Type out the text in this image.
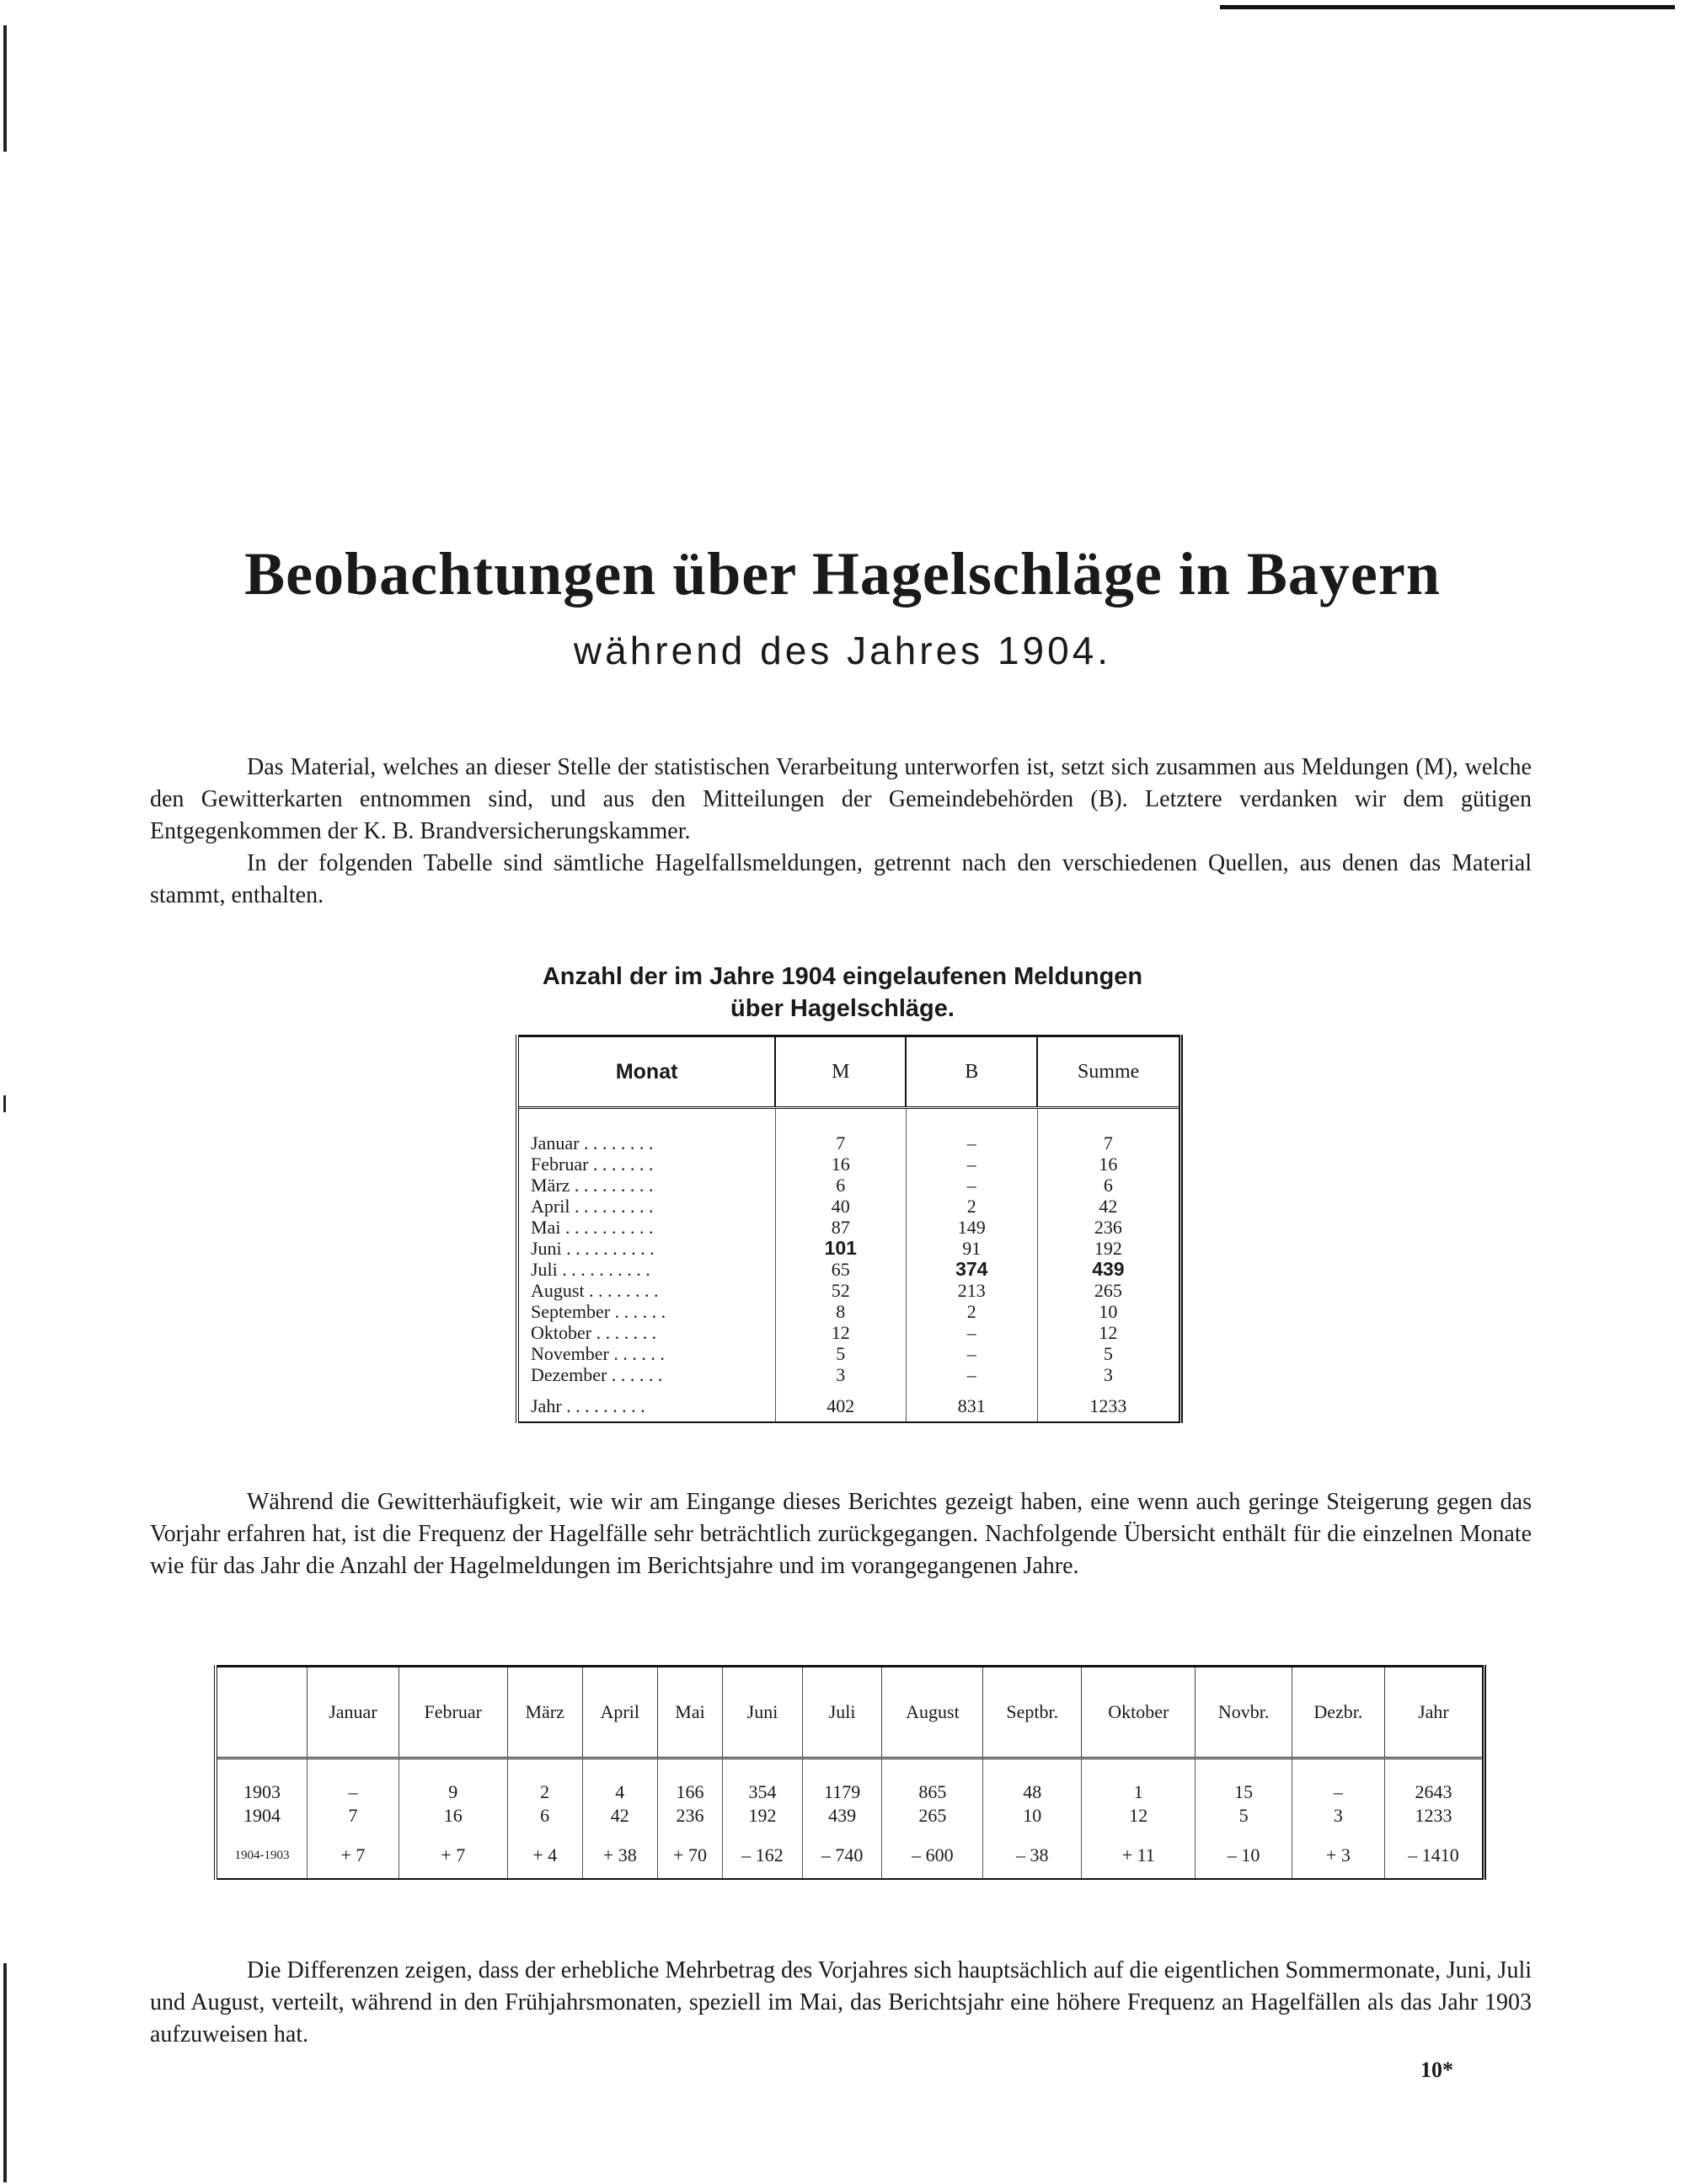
Beobachtungen über Hagelschläge in Bayern
während des Jahres 1904.

Das Material, welches an dieser Stelle der statistischen Verarbeitung unterworfen ist, setzt sich zusammen aus Meldungen (M), welche den Gewitterkarten entnommen sind, und aus den Mitteilungen der Gemeindebehörden (B). Letztere verdanken wir dem gütigen Entgegenkommen der K. B. Brandversicherungskammer.

In der folgenden Tabelle sind sämtliche Hagelfallsmeldungen, getrennt nach den verschiedenen Quellen, aus denen das Material stammt, enthalten.

Anzahl der im Jahre 1904 eingelaufenen Meldungen
über Hagelschläge.
Monat	M	B	Summe
Januar . . . . . . . .	7	–	7
Februar . . . . . . .	16	–	16
März . . . . . . . . .	6	–	6
April . . . . . . . . .	40	2	42
Mai . . . . . . . . . .	87	149	236
Juni . . . . . . . . . .	101	91	192
Juli . . . . . . . . . .	65	374	439
August . . . . . . . .	52	213	265
September . . . . . .	8	2	10
Oktober . . . . . . .	12	–	12
November . . . . . .	5	–	5
Dezember . . . . . .	3	–	3
Jahr . . . . . . . . .	402	831	1233

Während die Gewitterhäufigkeit, wie wir am Eingange dieses Berichtes gezeigt haben, eine wenn auch geringe Steigerung gegen das Vorjahr erfahren hat, ist die Frequenz der Hagelfälle sehr beträchtlich zurückgegangen. Nachfolgende Übersicht enthält für die einzelnen Monate wie für das Jahr die Anzahl der Hagelmeldungen im Berichtsjahre und im vorangegangenen Jahre.

	Januar	Februar	März	April	Mai	Juni	Juli	August	Septbr.	Oktober	Novbr.	Dezbr.	Jahr
1903	–	9	2	4	166	354	1179	865	48	1	15	–	2643
1904	7	16	6	42	236	192	439	265	10	12	5	3	1233
1904-1903	+ 7	+ 7	+ 4	+ 38	+ 70	– 162	– 740	– 600	– 38	+ 11	– 10	+ 3	– 1410

Die Differenzen zeigen, dass der erhebliche Mehrbetrag des Vorjahres sich hauptsächlich auf die eigentlichen Sommermonate, Juni, Juli und August, verteilt, während in den Frühjahrsmonaten, speziell im Mai, das Berichtsjahr eine höhere Frequenz an Hagelfällen als das Jahr 1903 aufzuweisen hat.

10*
